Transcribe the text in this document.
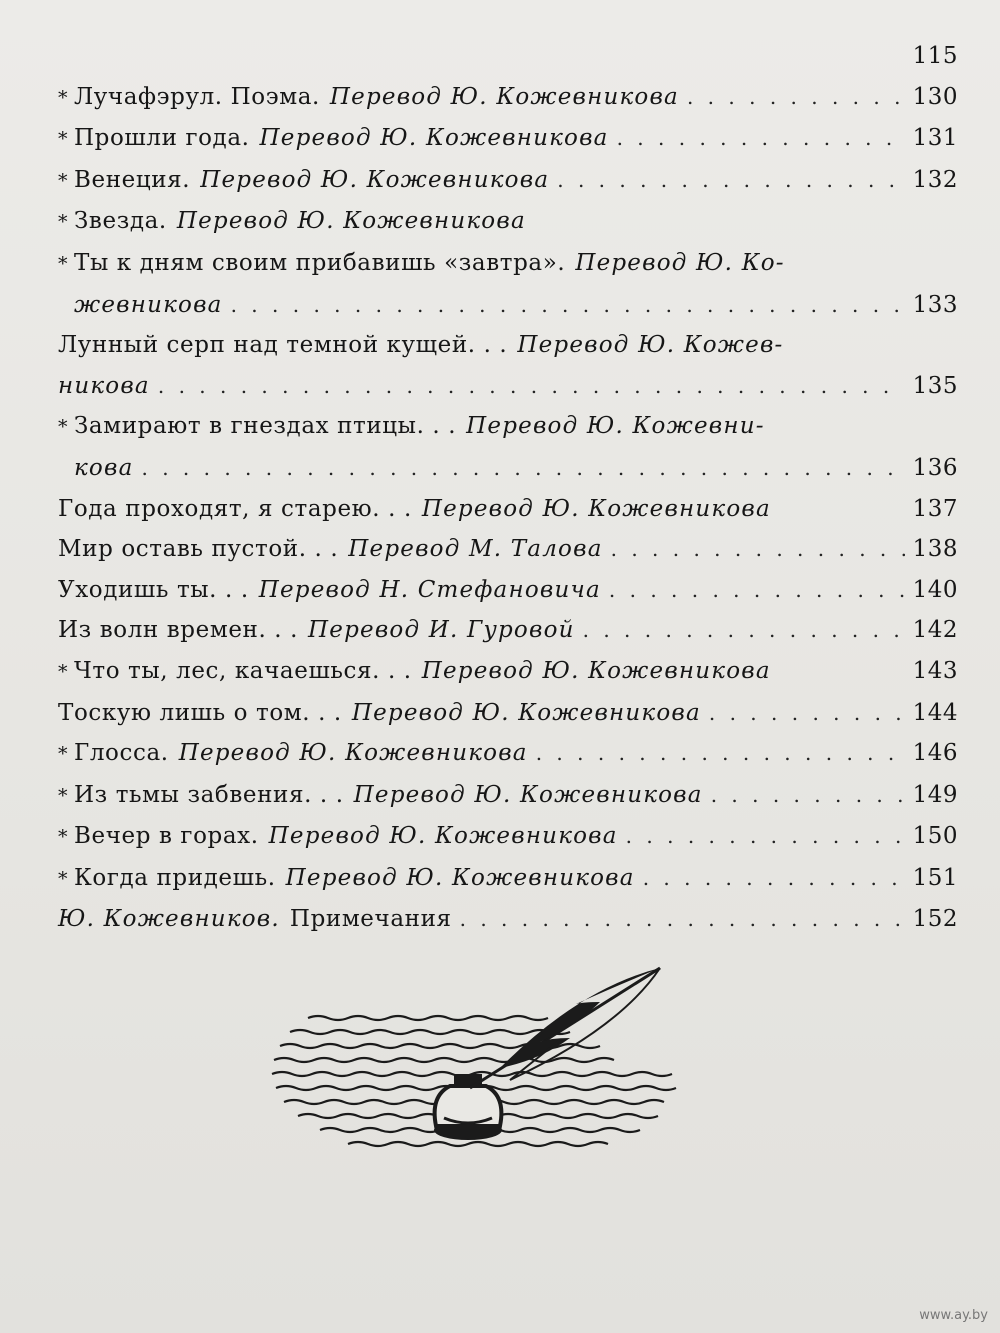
115
* Лучафэрул. Поэма. Перевод Ю. Кожевникова . . .	130
* Прошли года. Перевод Ю. Кожевникова . . .	131
* Венеция. Перевод Ю. Кожевникова . . .	132
* Звезда. Перевод Ю. Кожевникова
* Ты к дням своим прибавишь «завтра». Перевод Ю. Ко-
жевникова . . .	133
Лунный серп над темной кущей. . . Перевод Ю. Кожев-
никова . . .	135
* Замирают в гнездах птицы. . . Перевод Ю. Кожевни-
кова . . .	136
Года проходят, я старею. . . Перевод Ю. Кожевникова	137
Мир оставь пустой. . . Перевод М. Талова . . .	138
Уходишь ты. . . Перевод Н. Стефановича . . .	140
Из волн времен. . . Перевод И. Гуровой . . .	142
* Что ты, лес, качаешься. . . Перевод Ю. Кожевникова	143
Тоскую лишь о том. . . Перевод Ю. Кожевникова . . .	144
* Глосса. Перевод Ю. Кожевникова . . .	146
* Из тьмы забвения. . . Перевод Ю. Кожевникова . . .	149
* Вечер в горах. Перевод Ю. Кожевникова . . .	150
* Когда придешь. Перевод Ю. Кожевникова . . .	151
Ю. Кожевников. Примечания . . .	152
www.ay.by
